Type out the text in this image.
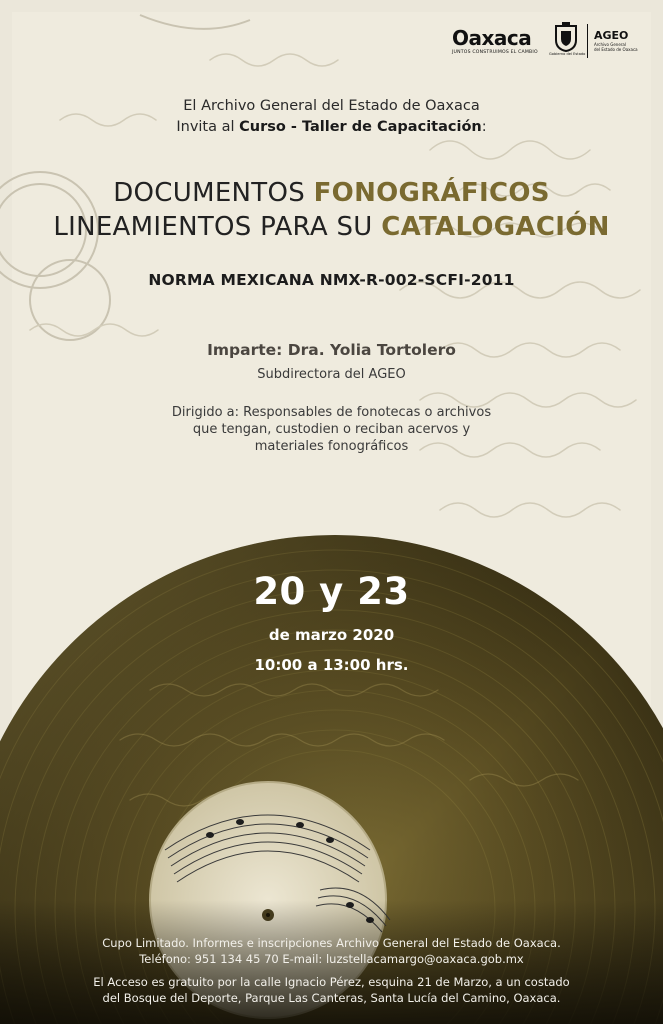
Oaxaca
JUNTOS CONSTRUIMOS EL CAMBIO	Gobierno del Estado
AGEO
Archivo General
del Estado de Oaxaca
El Archivo General del Estado de Oaxaca
Invita al Curso - Taller de Capacitación:
DOCUMENTOS FONOGRÁFICOS
LINEAMIENTOS PARA SU CATALOGACIÓN
NORMA MEXICANA NMX-R-002-SCFI-2011
Imparte: Dra. Yolia Tortolero
Subdirectora del AGEO
Dirigido a: Responsables de fonotecas o archivos
que tengan, custodien o reciban acervos y
materiales fonográficos
20 y 23
de marzo 2020
10:00 a 13:00 hrs.
Cupo Limitado. Informes e inscripciones Archivo General del Estado de Oaxaca.
Teléfono: 951 134 45 70 E-mail: luzstellacamargo@oaxaca.gob.mx
El Acceso es gratuito por la calle Ignacio Pérez, esquina 21 de Marzo, a un costado
del Bosque del Deporte, Parque Las Canteras, Santa Lucía del Camino, Oaxaca.
